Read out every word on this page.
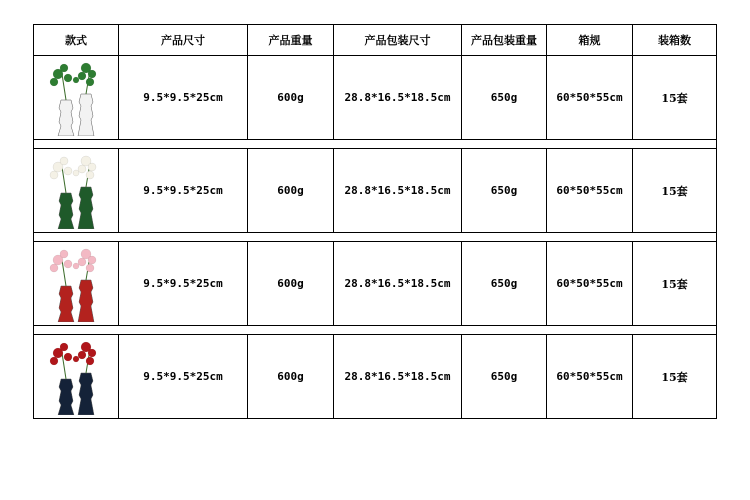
款式	产品尺寸	产品重量	产品包装尺寸	产品包装重量	箱规	装箱数

	9.5*9.5*25cm	600g	28.8*16.5*18.5cm	650g	60*50*55cm	15套

	9.5*9.5*25cm	600g	28.8*16.5*18.5cm	650g	60*50*55cm	15套

	9.5*9.5*25cm	600g	28.8*16.5*18.5cm	650g	60*50*55cm	15套

	9.5*9.5*25cm	600g	28.8*16.5*18.5cm	650g	60*50*55cm	15套
